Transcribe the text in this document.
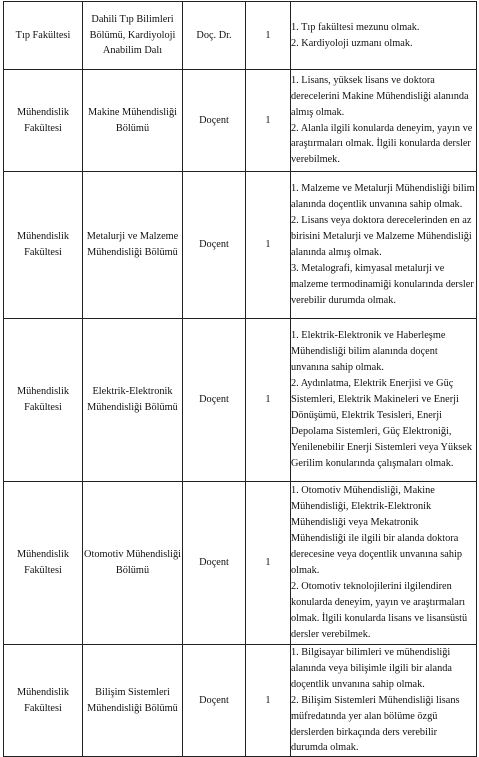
Tıp Fakültesi	Dahili Tıp Bilimleri Bölümü, Kardiyoloji Anabilim Dalı	Doç. Dr.	1	1. Tıp fakültesi mezunu olmak.
2. Kardiyoloji uzmanı olmak.

Mühendislik Fakültesi	Makine Mühendisliği Bölümü	Doçent	1	1. Lisans, yüksek lisans ve doktora derecelerini Makine Mühendisliği alanında almış olmak.
2. Alanla ilgili konularda deneyim, yayın ve araştırmaları olmak. İlgili konularda dersler verebilmek.

Mühendislik Fakültesi	Metalurji ve Malzeme Mühendisliği Bölümü	Doçent	1	1. Malzeme ve Metalurji Mühendisliği bilim alanında doçentlik unvanına sahip olmak.
2. Lisans veya doktora derecelerinden en az birisini Metalurji ve Malzeme Mühendisliği alanında almış olmak.
3. Metalografi, kimyasal metalurji ve malzeme termodinamiği konularında dersler verebilir durumda olmak.

Mühendislik Fakültesi	Elektrik-Elektronik Mühendisliği Bölümü	Doçent	1	1. Elektrik-Elektronik ve Haberleşme Mühendisliği bilim alanında doçent unvanına sahip olmak.
2. Aydınlatma, Elektrik Enerjisi ve Güç Sistemleri, Elektrik Makineleri ve Enerji Dönüşümü, Elektrik Tesisleri, Enerji Depolama Sistemleri, Güç Elektroniği, Yenilenebilir Enerji Sistemleri veya Yüksek Gerilim konularında çalışmaları olmak.

Mühendislik Fakültesi	Otomotiv Mühendisliği Bölümü	Doçent	1	1. Otomotiv Mühendisliği, Makine Mühendisliği, Elektrik-Elektronik Mühendisliği veya Mekatronik Mühendisliği ile ilgili bir alanda doktora derecesine veya doçentlik unvanına sahip olmak.
2. Otomotiv teknolojilerini ilgilendiren konularda deneyim, yayın ve araştırmaları olmak. İlgili konularda lisans ve lisansüstü dersler verebilmek.

Mühendislik Fakültesi	Bilişim Sistemleri Mühendisliği Bölümü	Doçent	1	1. Bilgisayar bilimleri ve mühendisliği alanında veya bilişimle ilgili bir alanda doçentlik unvanına sahip olmak.
2. Bilişim Sistemleri Mühendisliği lisans müfredatında yer alan bölüme özgü derslerden birkaçında ders verebilir durumda olmak.
